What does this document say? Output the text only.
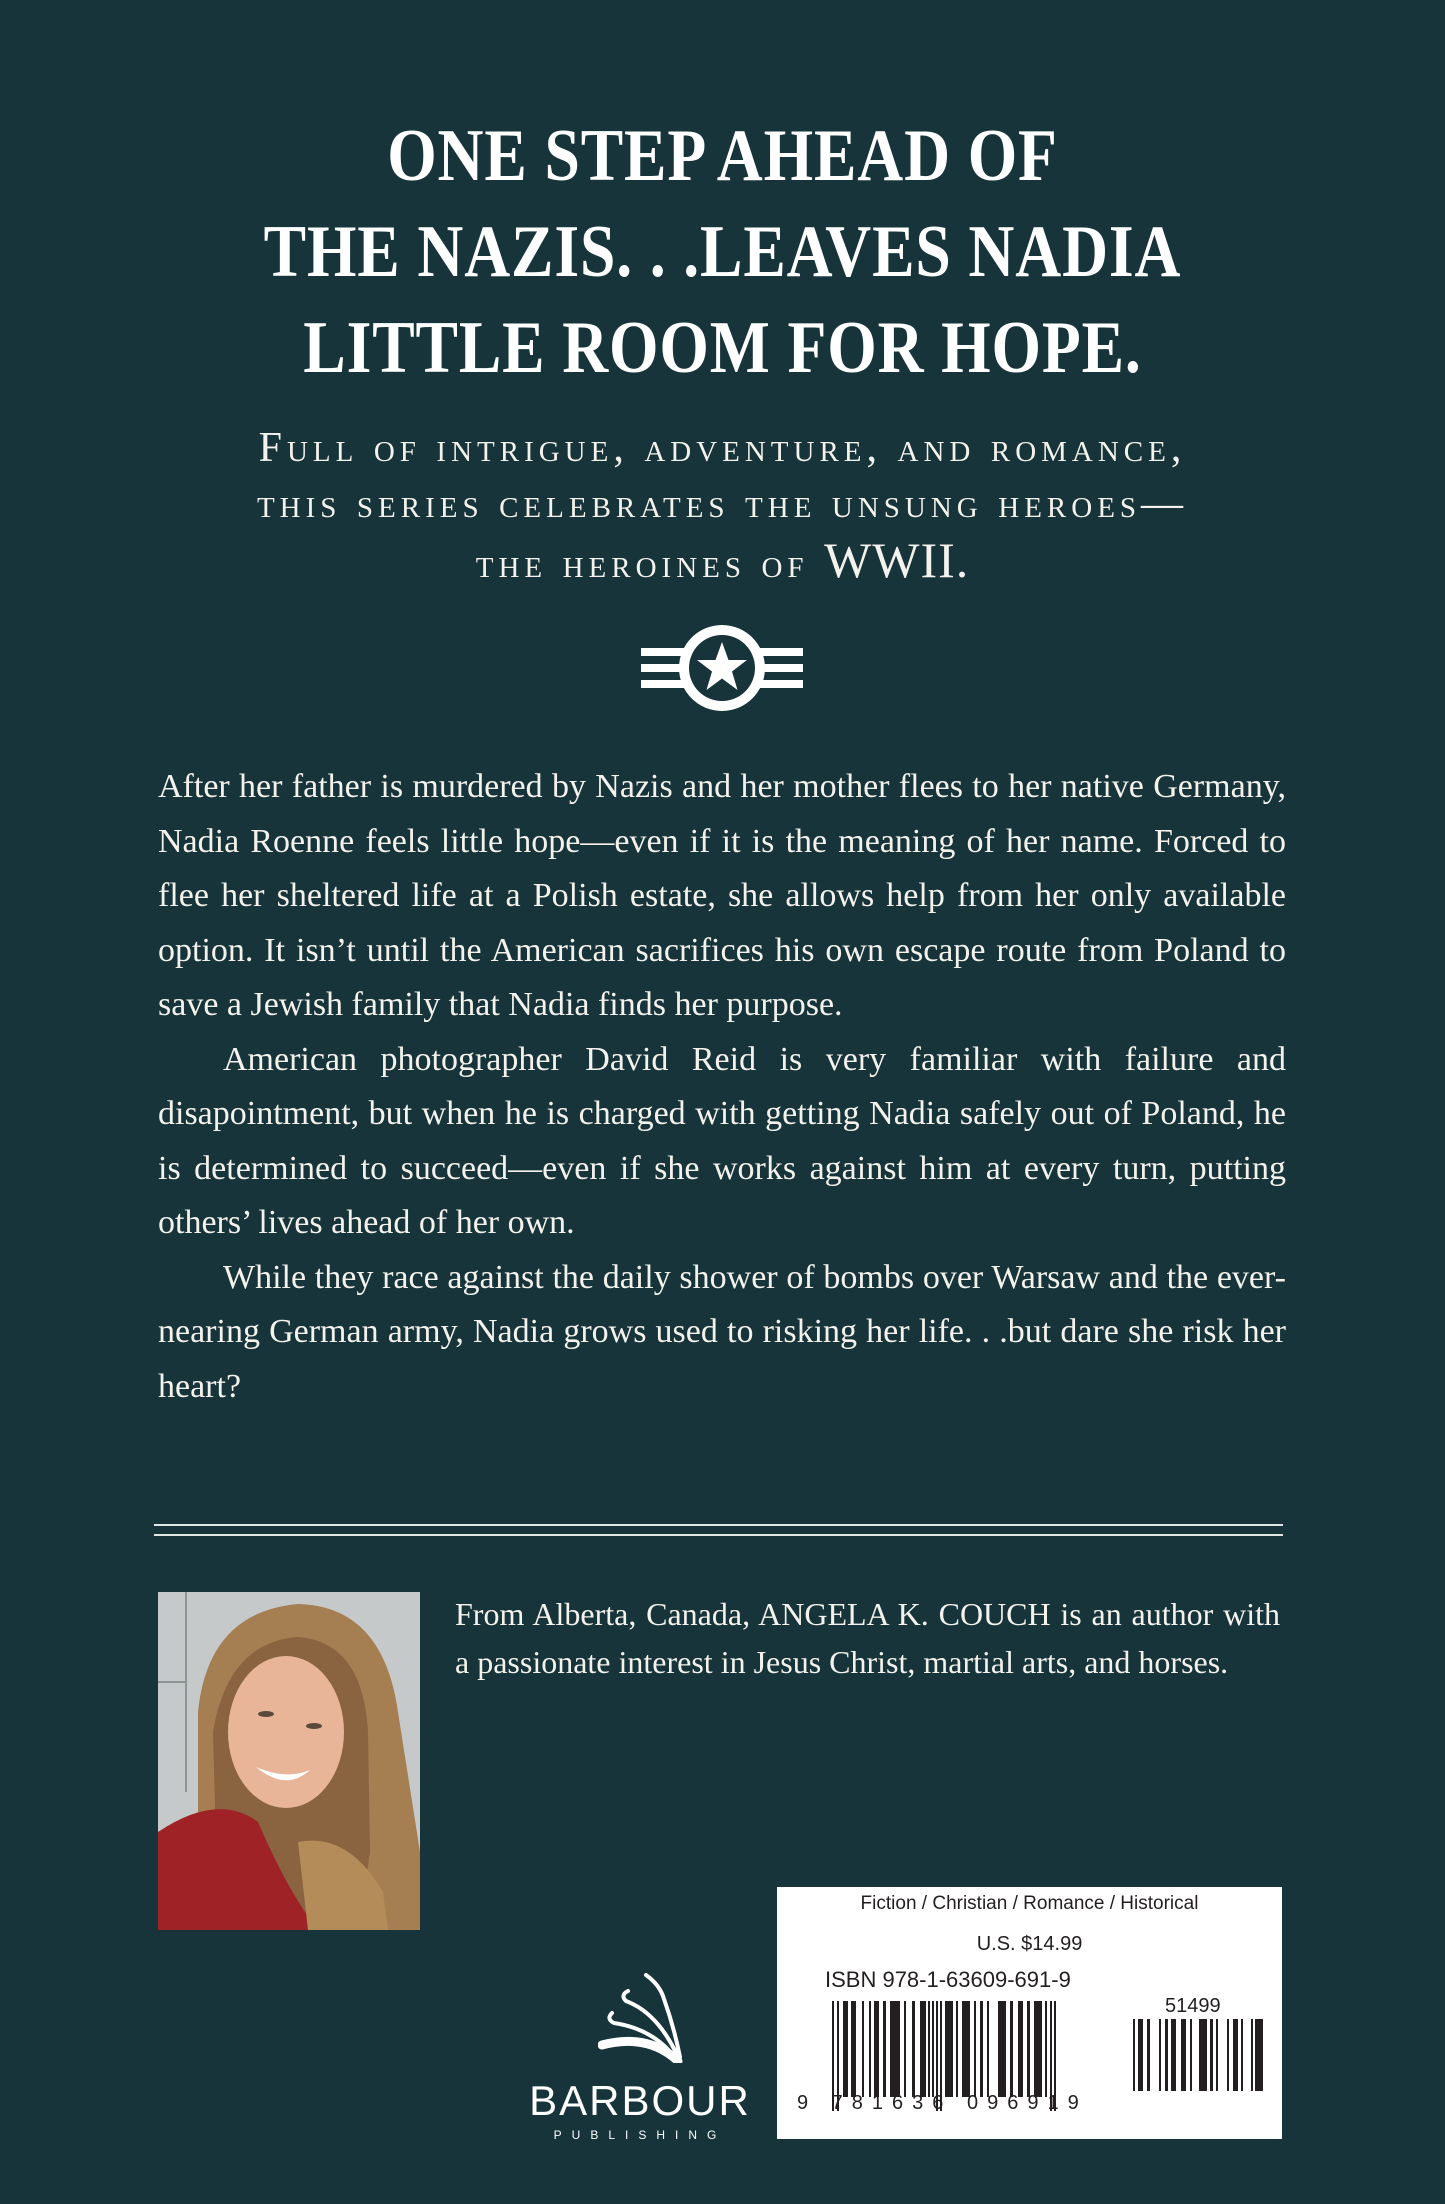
ONE STEP AHEAD OF
THE NAZIS. . .LEAVES NADIA
LITTLE ROOM FOR HOPE.
Full of intrigue, adventure, and romance,
this series celebrates the unsung heroes—
the heroines of WWII.

After her father is murdered by Nazis and her mother flees to her native Germany, Nadia Roenne feels little hope—even if it is the meaning of her name. Forced to flee her sheltered life at a Polish estate, she allows help from her only available option. It isn’t until the American sacrifices his own escape route from Poland to save a Jewish family that Nadia finds her purpose.

American photographer David Reid is very familiar with failure and disapointment, but when he is charged with getting Nadia safely out of Poland, he is determined to succeed—even if she works against him at every turn, putting others’ lives ahead of her own.

While they race against the daily shower of bombs over Warsaw and the ever-nearing German army, Nadia grows used to risking her life. . .but dare she risk her heart?

From Alberta, Canada, ANGELA K. COUCH is an author with a passionate interest in Jesus Christ, martial arts, and horses.
BARBOUR
PUBLISHING
Fiction / Christian / Romance / Historical
U.S. $14.99
ISBN 978-1-63609-691-9
51499
9 781636 096919
